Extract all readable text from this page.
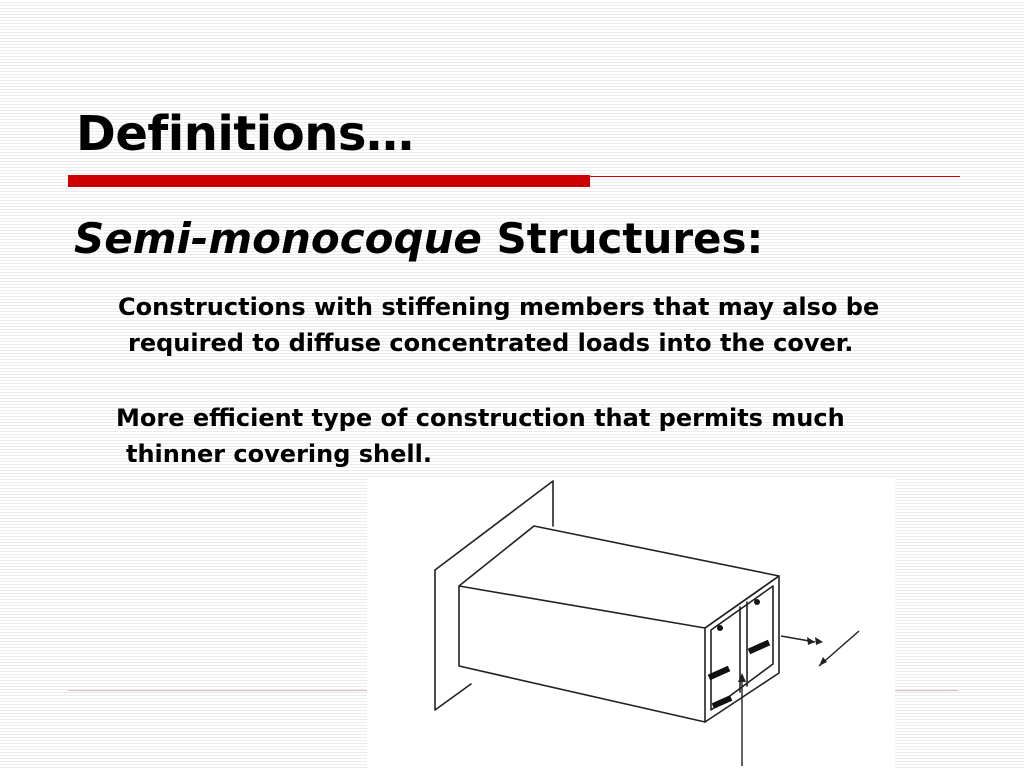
Definitions…
Semi-monocoque Structures:

Constructions with stiffening members that may also be required to diffuse concentrated loads into the cover.

More efficient type of construction that permits much thinner covering shell.
